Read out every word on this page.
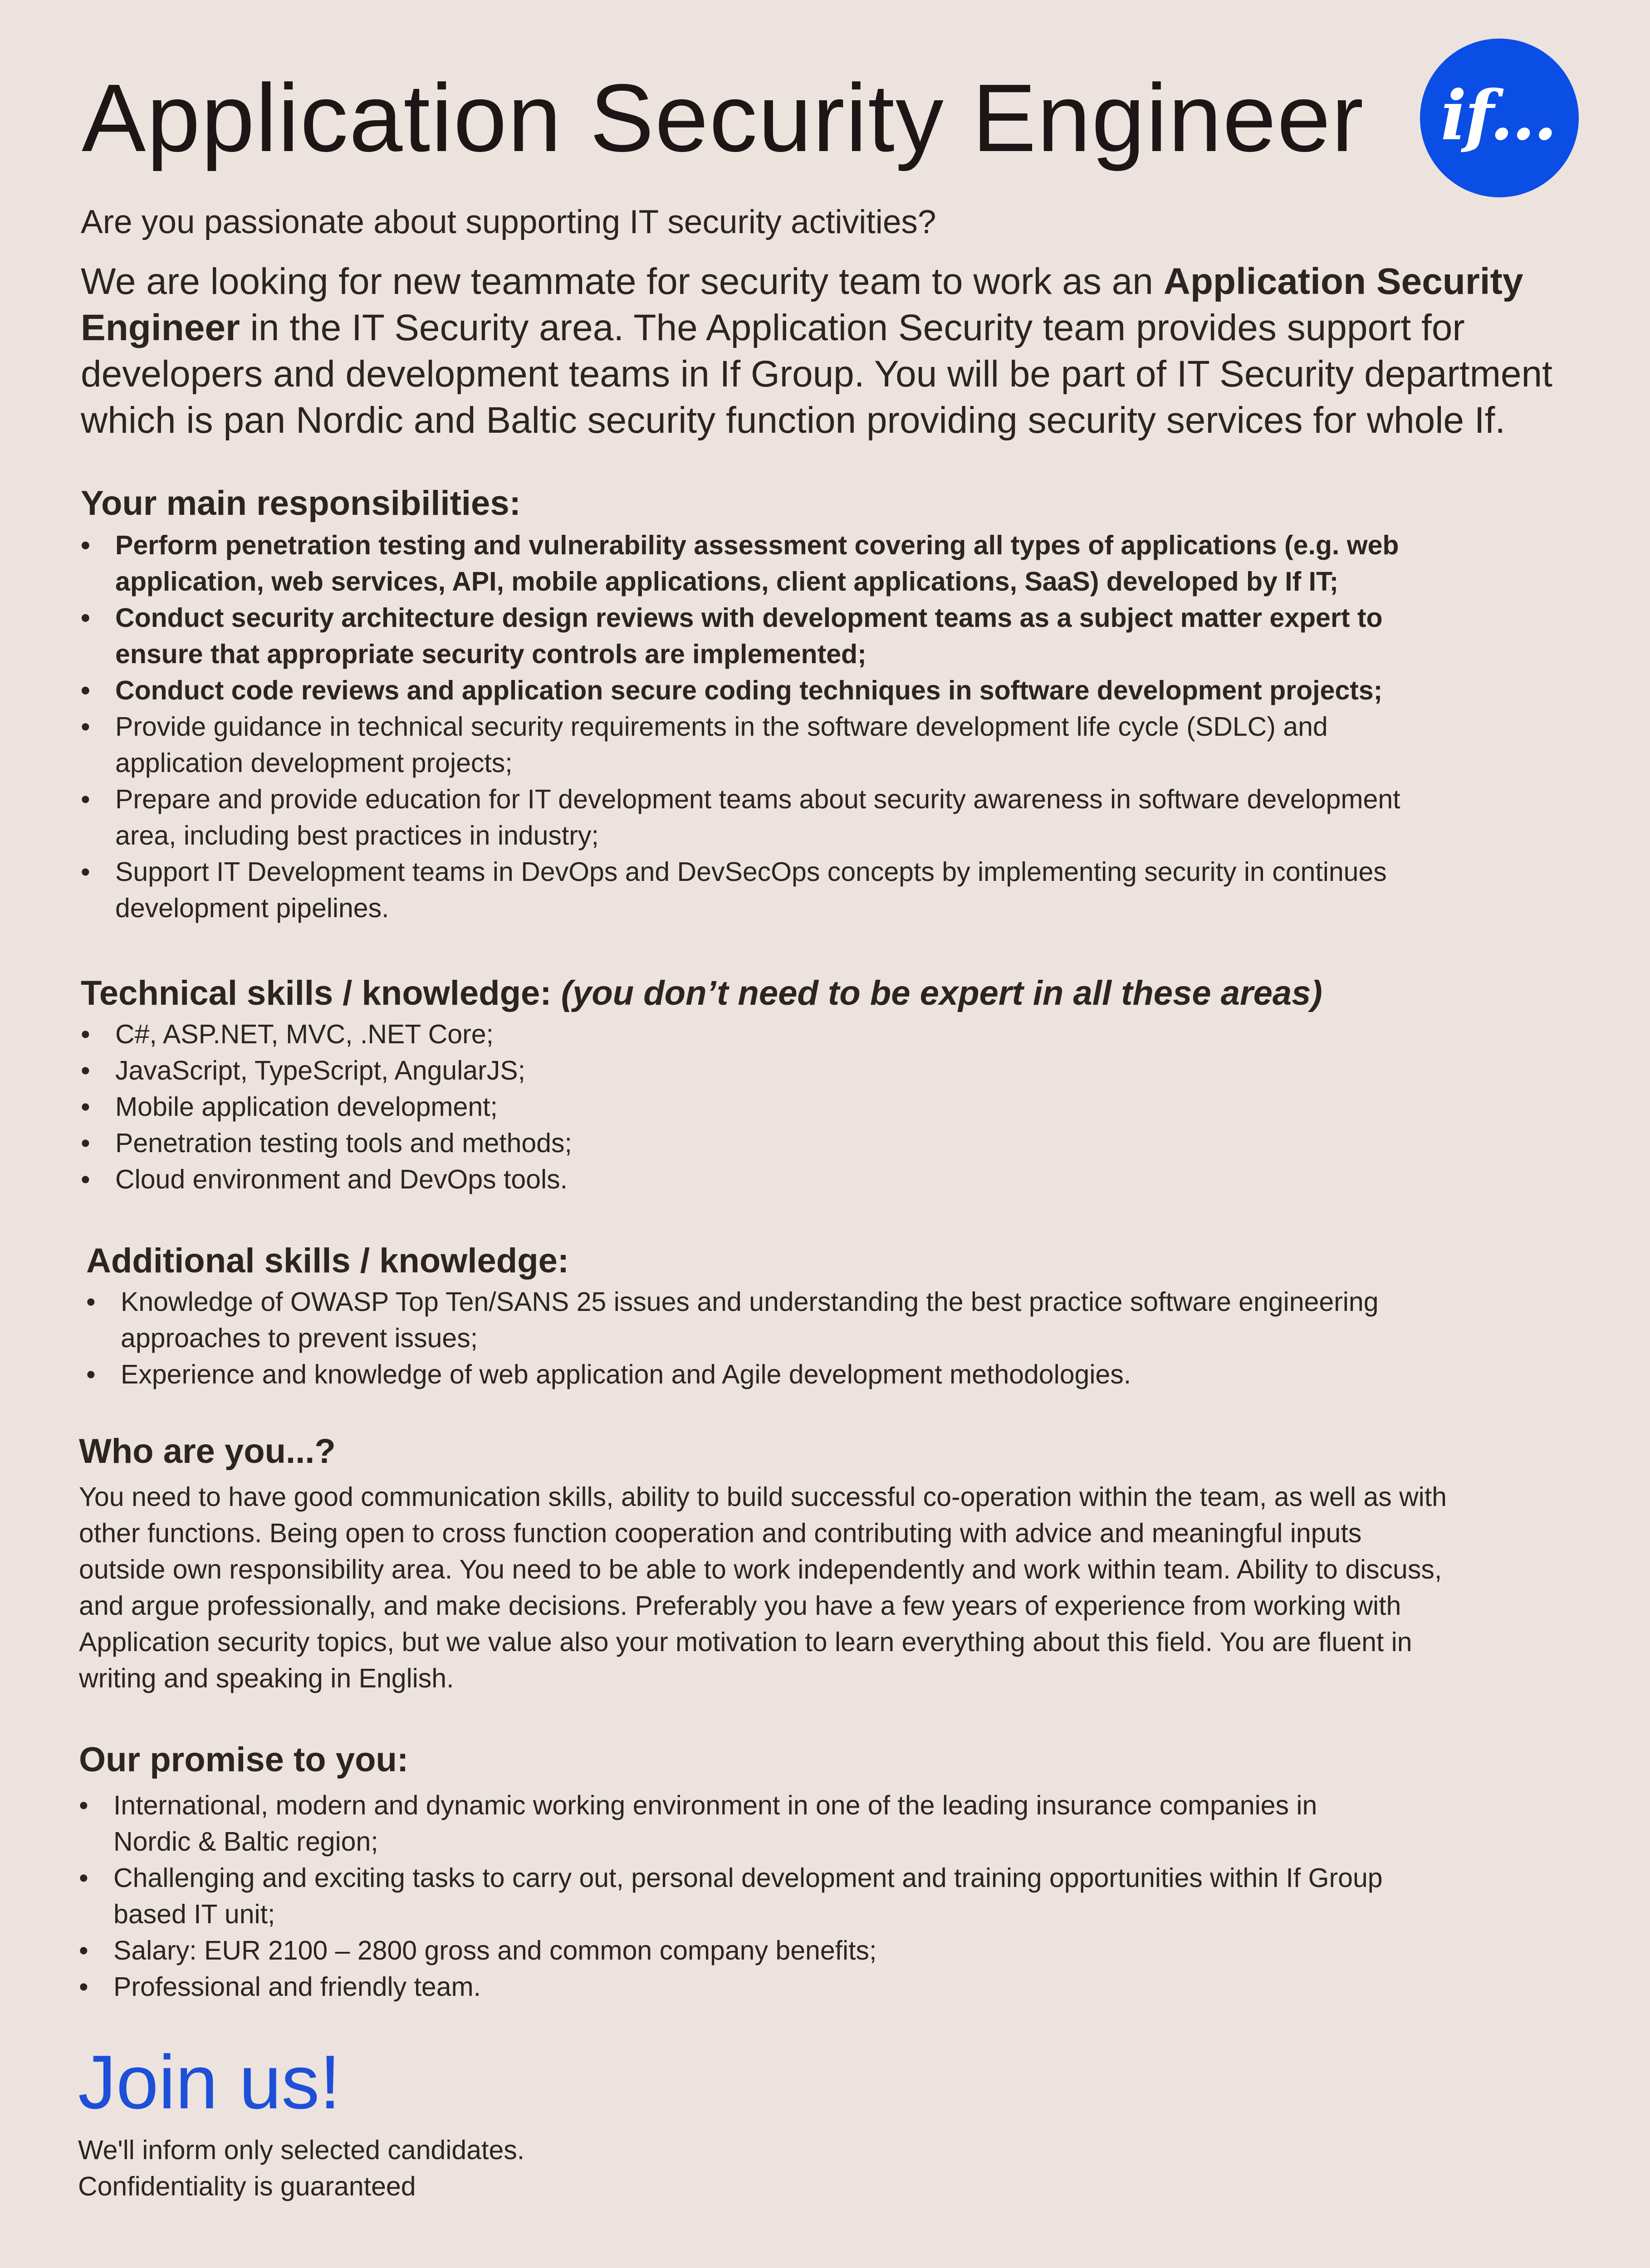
Application Security Engineer if...

Are you passionate about supporting IT security activities?

We are looking for new teammate for security team to work as an Application Security

Engineer in the IT Security area. The Application Security team provides support for

developers and development teams in If Group. You will be part of IT Security department

which is pan Nordic and Baltic security function providing security services for whole If.

Your main responsibilities:
• Perform penetration testing and vulnerability assessment covering all types of applications (e.g. web
application, web services, API, mobile applications, client applications, SaaS) developed by If IT;
• Conduct security architecture design reviews with development teams as a subject matter expert to
ensure that appropriate security controls are implemented;
• Conduct code reviews and application secure coding techniques in software development projects;
• Provide guidance in technical security requirements in the software development life cycle (SDLC) and
application development projects;
• Prepare and provide education for IT development teams about security awareness in software development
area, including best practices in industry;
• Support IT Development teams in DevOps and DevSecOps concepts by implementing security in continues
development pipelines.
Technical skills / knowledge: (you don’t need to be expert in all these areas)
• C#, ASP.NET, MVC, .NET Core;
• JavaScript, TypeScript, AngularJS;
• Mobile application development;
• Penetration testing tools and methods;
• Cloud environment and DevOps tools.
Additional skills / knowledge:
• Knowledge of OWASP Top Ten/SANS 25 issues and understanding the best practice software engineering
approaches to prevent issues;
• Experience and knowledge of web application and Agile development methodologies.
Who are you...?

You need to have good communication skills, ability to build successful co-operation within the team, as well as with
other functions. Being open to cross function cooperation and contributing with advice and meaningful inputs
outside own responsibility area. You need to be able to work independently and work within team. Ability to discuss,
and argue professionally, and make decisions. Preferably you have a few years of experience from working with
Application security topics, but we value also your motivation to learn everything about this field. You are fluent in
writing and speaking in English.

Our promise to you:
• International, modern and dynamic working environment in one of the leading insurance companies in
Nordic & Baltic region;
• Challenging and exciting tasks to carry out, personal development and training opportunities within If Group
based IT unit;
• Salary: EUR 2100 – 2800 gross and common company benefits;
• Professional and friendly team.

Join us!

We'll inform only selected candidates.
Confidentiality is guaranteed
